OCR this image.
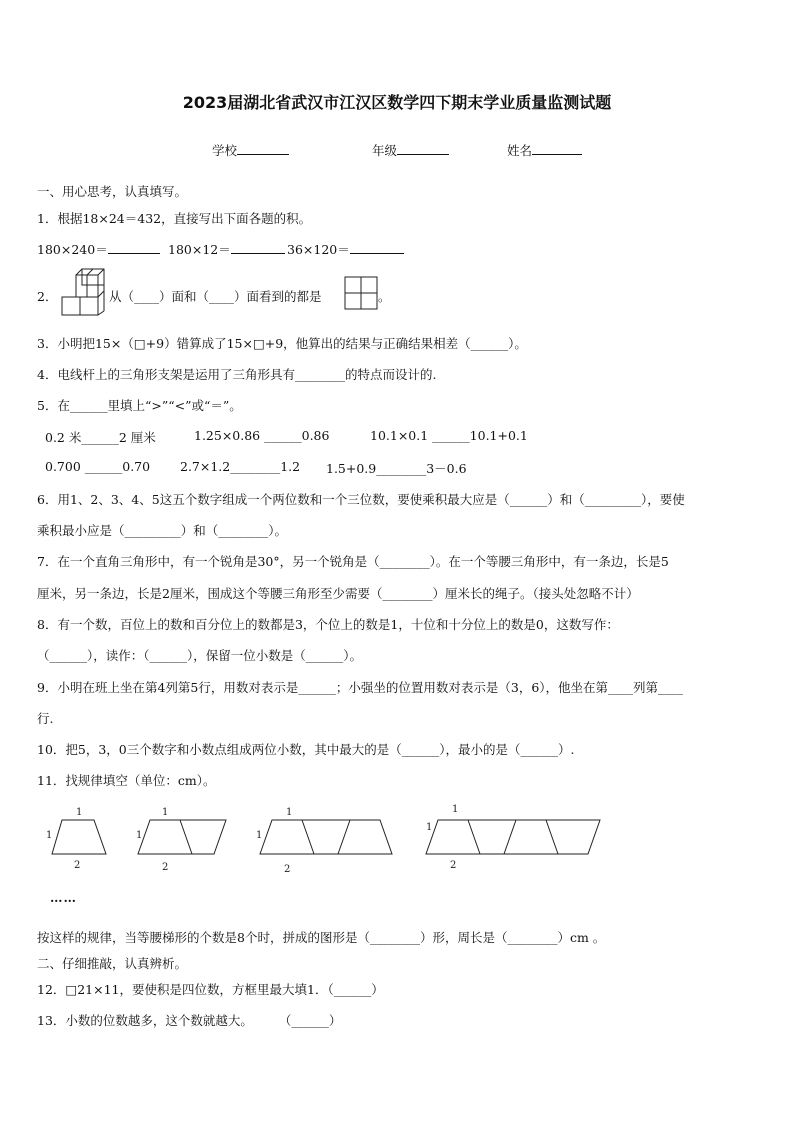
2023届湖北省武汉市江汉区数学四下期末学业质量监测试题
学校	年级	姓名
一、用心思考，认真填写。
1．根据18×24＝432，直接写出下面各题的积。
180×240＝	180×12＝	36×120＝
2．	从（____）面和（____）面看到的都是	。
3．小明把15×（□+9）错算成了15×□+9，他算出的结果与正确结果相差（______）。
4．电线杆上的三角形支架是运用了三角形具有________的特点而设计的.
5．在______里填上“>”“<”或“＝”。
0.2 米______2 厘米	1.25×0.86 ______0.86	10.1×0.1 ______10.1+0.1
0.700 ______0.70 2.7×1.2________1.2 1.5+0.9________3－0.6
6．用1、2、3、4、5这五个数字组成一个两位数和一个三位数，要使乘积最大应是（______）和（_________），要使
乘积最小应是（_________）和（________）。
7．在一个直角三角形中，有一个锐角是30°，另一个锐角是（________）。在一个等腰三角形中，有一条边，长是5
厘米，另一条边，长是2厘米，围成这个等腰三角形至少需要（________）厘米长的绳子。（接头处忽略不计）
8．有一个数，百位上的数和百分位上的数都是3，个位上的数是1，十位和十分位上的数是0，这数写作：
（______），读作：（______），保留一位小数是（______）。
9．小明在班上坐在第4列第5行，用数对表示是______；小强坐的位置用数对表示是（3，6），他坐在第____列第____
行.
10．把5，3，0三个数字和小数点组成两位小数，其中最大的是（______），最小的是（______）.
11．找规律填空（单位：cm）。
1
1
2
1
1
2
1
1
2
1
1
2
……
按这样的规律，当等腰梯形的个数是8个时，拼成的图形是（________）形，周长是（________）cm 。
二、仔细推敲，认真辨析。
12．□21×11，要使积是四位数，方框里最大填1．（______）
13．小数的位数越多，这个数就越大。 （______）
